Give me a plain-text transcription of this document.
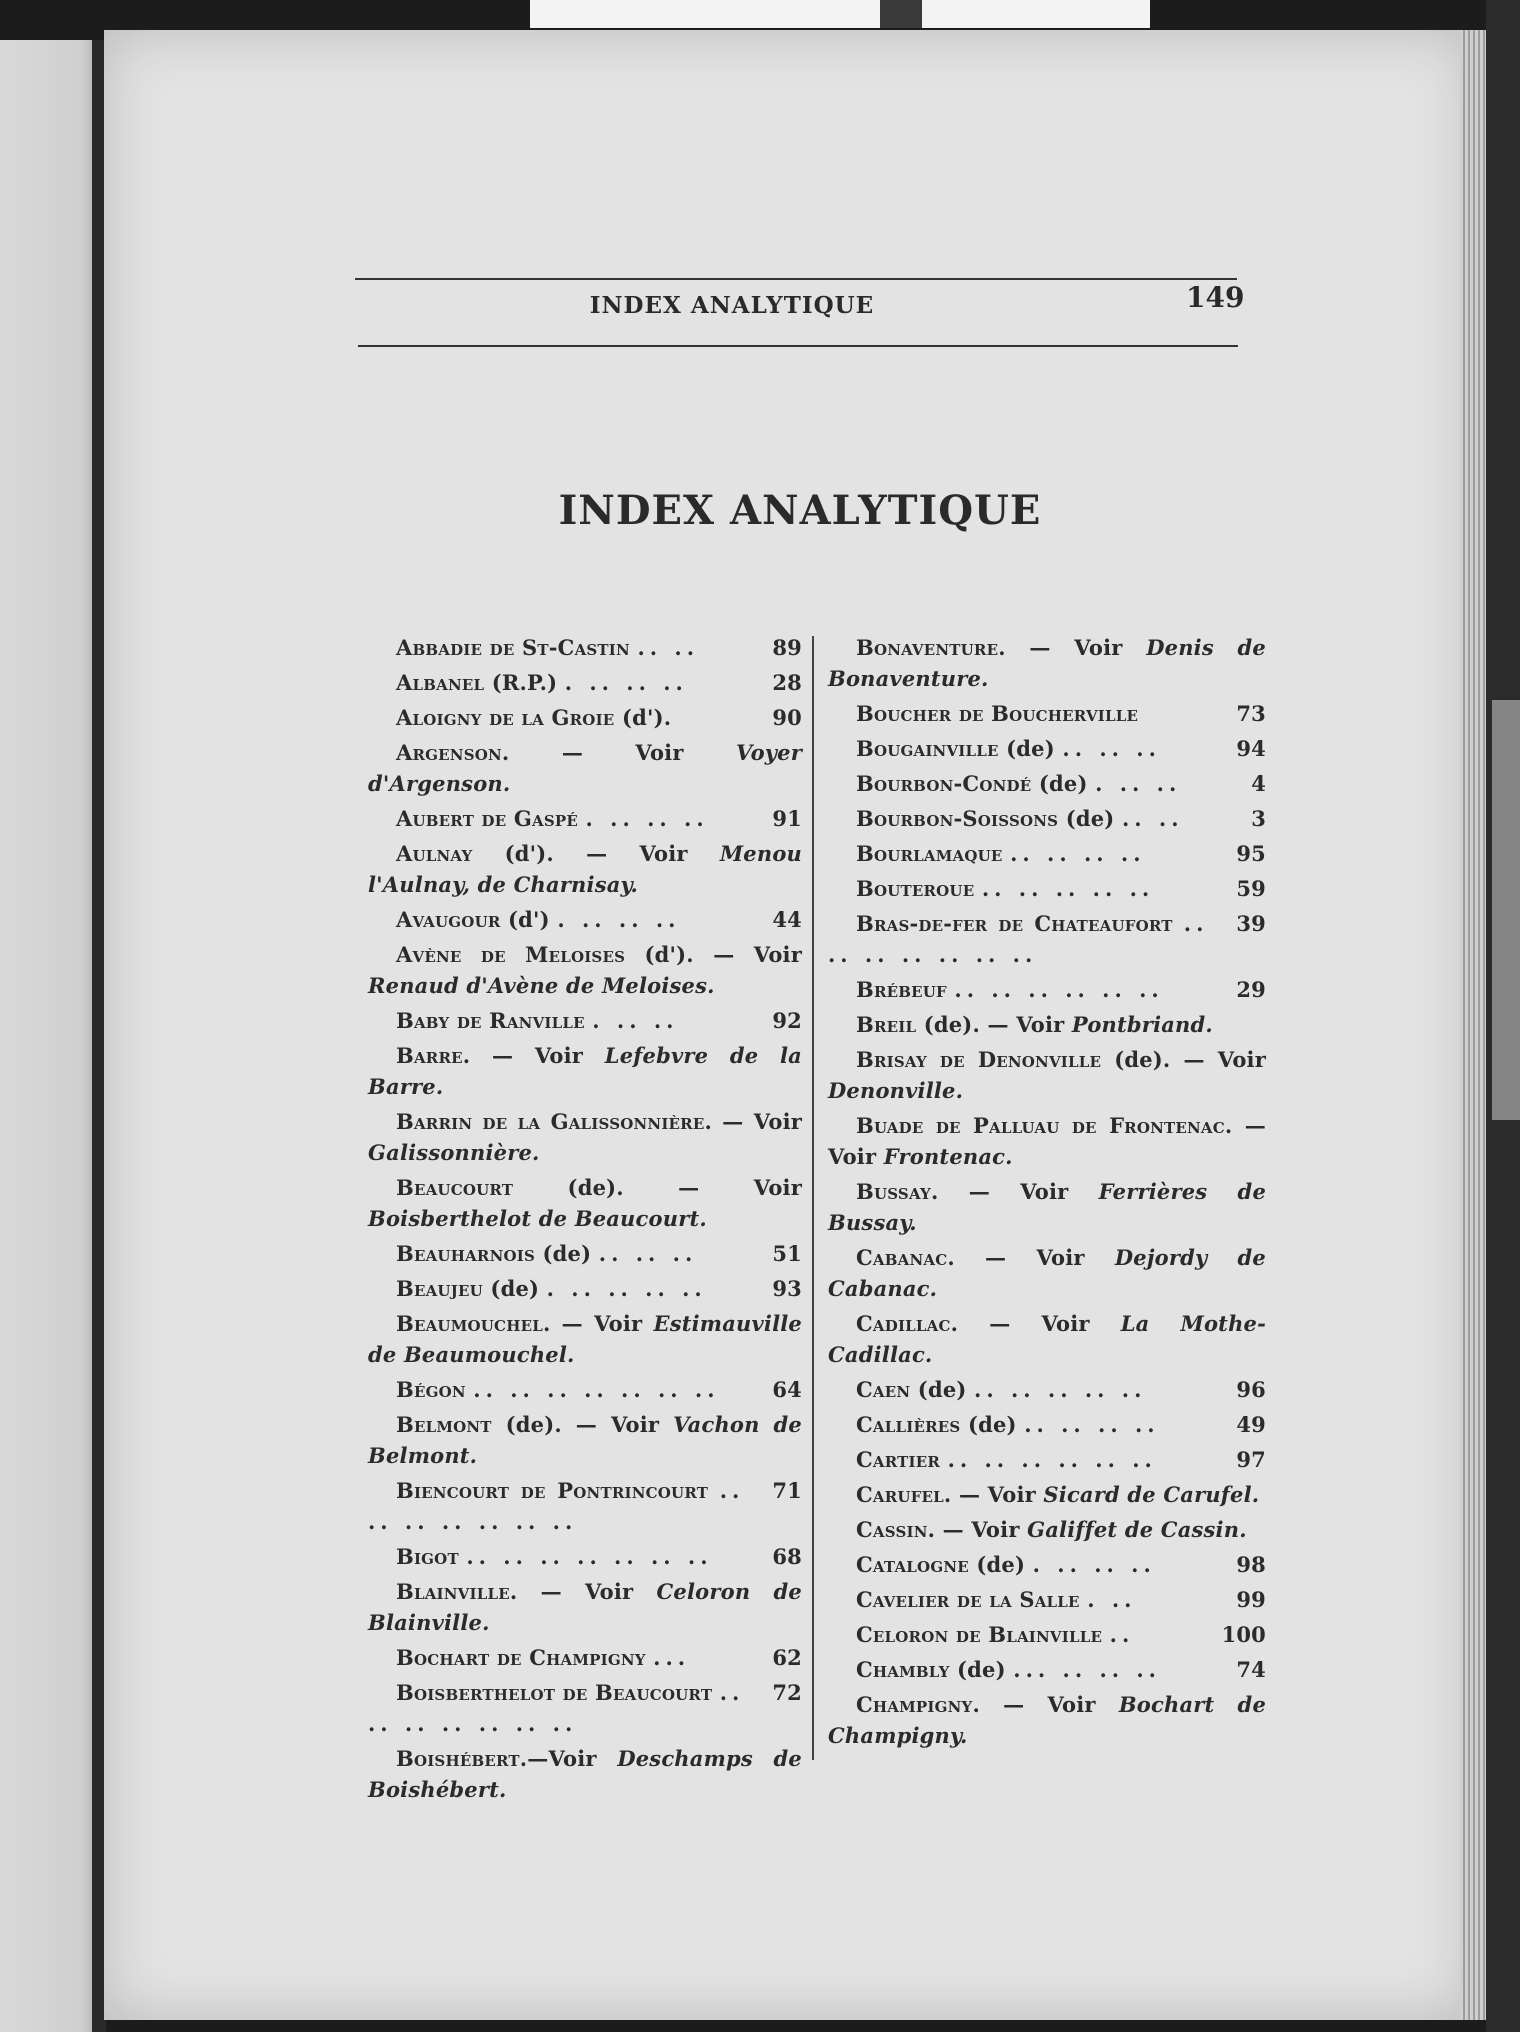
INDEX ANALYTIQUE	149
INDEX ANALYTIQUE
89
Abbadie de St-Castin .. ..
28
Albanel (R.P.) . .. .. ..
90
Aloigny de la Groie (d').
Argenson. — Voir Voyer d'Argenson.
91
Aubert de Gaspé . .. .. ..
Aulnay (d'). — Voir Menou l'Aulnay, de Charnisay.
44
Avaugour (d') . .. .. ..
Avène de Meloises (d'). — Voir Renaud d'Avène de Meloises.
92
Baby de Ranville . .. ..
Barre. — Voir Lefebvre de la Barre.
Barrin de la Galissonnière. — Voir Galissonnière.
Beaucourt (de). — Voir Boisberthelot de Beaucourt.
51
Beauharnois (de) .. .. ..
93
Beaujeu (de) . .. .. .. ..
Beaumouchel. — Voir Estimauville de Beaumouchel.
64
Bégon .. .. .. .. .. .. ..
Belmont (de). — Voir Vachon de Belmont.
71
Biencourt de Pontrincourt .. .. .. .. .. .. ..
68
Bigot .. .. .. .. .. .. ..
Blainville. — Voir Celoron de Blainville.
62
Bochart de Champigny ...
72
Boisberthelot de Beaucourt .. .. .. .. .. .. ..
Boishébert.—Voir Deschamps de Boishébert.
Bonaventure. — Voir Denis de Bonaventure.
73
Boucher de Boucherville
94
Bougainville (de) .. .. ..
4
Bourbon-Condé (de) . .. ..
3
Bourbon-Soissons (de) .. ..
95
Bourlamaque .. .. .. ..
59
Bouteroue .. .. .. .. ..
39
Bras-de-fer de Chateaufort .. .. .. .. .. .. ..
29
Brébeuf .. .. .. .. .. ..
Breil (de). — Voir Pontbriand.
Brisay de Denonville (de). — Voir Denonville.
Buade de Palluau de Frontenac. — Voir Frontenac.
Bussay. — Voir Ferrières de Bussay.
Cabanac. — Voir Dejordy de Cabanac.
Cadillac. — Voir La Mothe-Cadillac.
96
Caen (de) .. .. .. .. ..
49
Callières (de) .. .. .. ..
97
Cartier .. .. .. .. .. ..
Carufel. — Voir Sicard de Carufel.
Cassin. — Voir Galiffet de Cassin.
98
Catalogne (de) . .. .. ..
99
Cavelier de la Salle . ..
100
Celoron de Blainville ..
74
Chambly (de) ... .. .. ..
Champigny. — Voir Bochart de Champigny.
